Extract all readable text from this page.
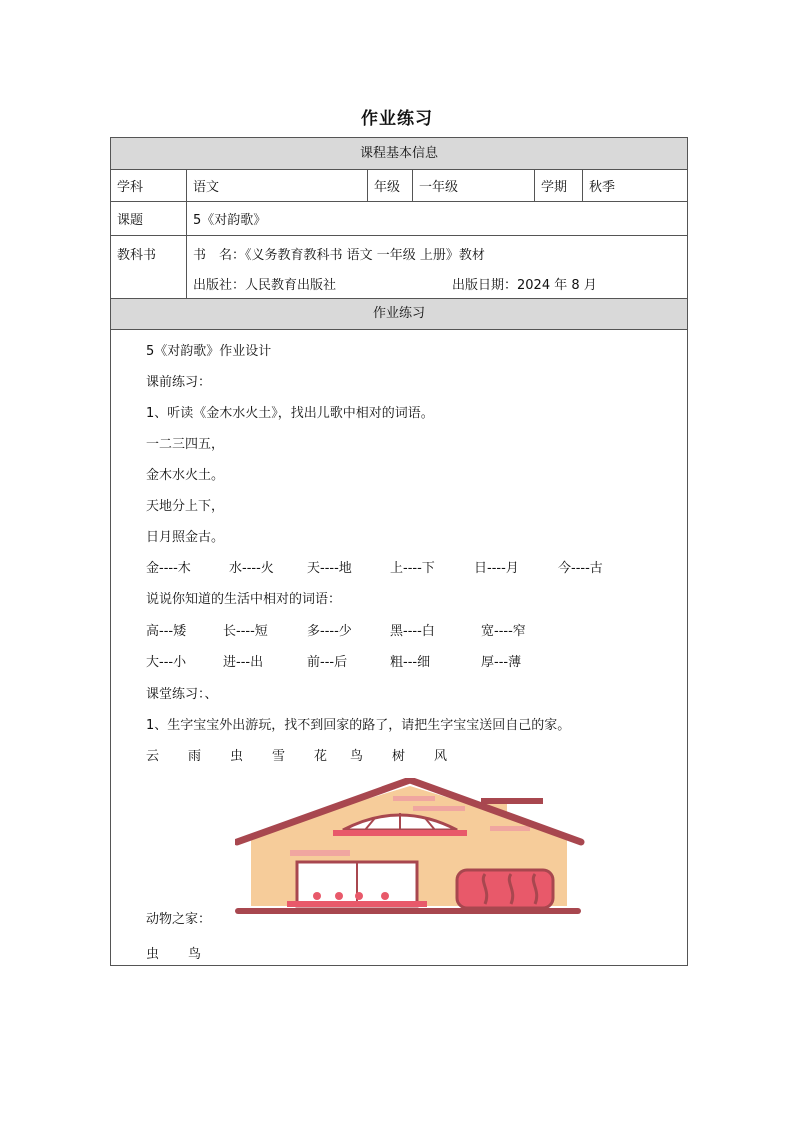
作业练习
课程基本信息
学科	语文	年级	一年级	学期	秋季
课题	5《对韵歌》
教科书	书　名：《义务教育教科书 语文 一年级 上册》教材
出版社：人民教育出版社	出版日期：2024 年 8 月
作业练习
5《对韵歌》作业设计
课前练习：
1、听读《金木水火土》，找出儿歌中相对的词语。
一二三四五，
金木水火土。
天地分上下，
日月照金古。
金----木	水----火	天----地	上----下	日----月	今----古
说说你知道的生活中相对的词语：
高---矮	长----短	多----少	黑----白	宽----窄
大---小	进---出	前---后	粗---细	厚---薄
课堂练习：、
1、生字宝宝外出游玩，找不到回家的路了，请把生字宝宝送回自己的家。
云 雨 虫 雪 花 鸟 树 风
动物之家：
虫 鸟
